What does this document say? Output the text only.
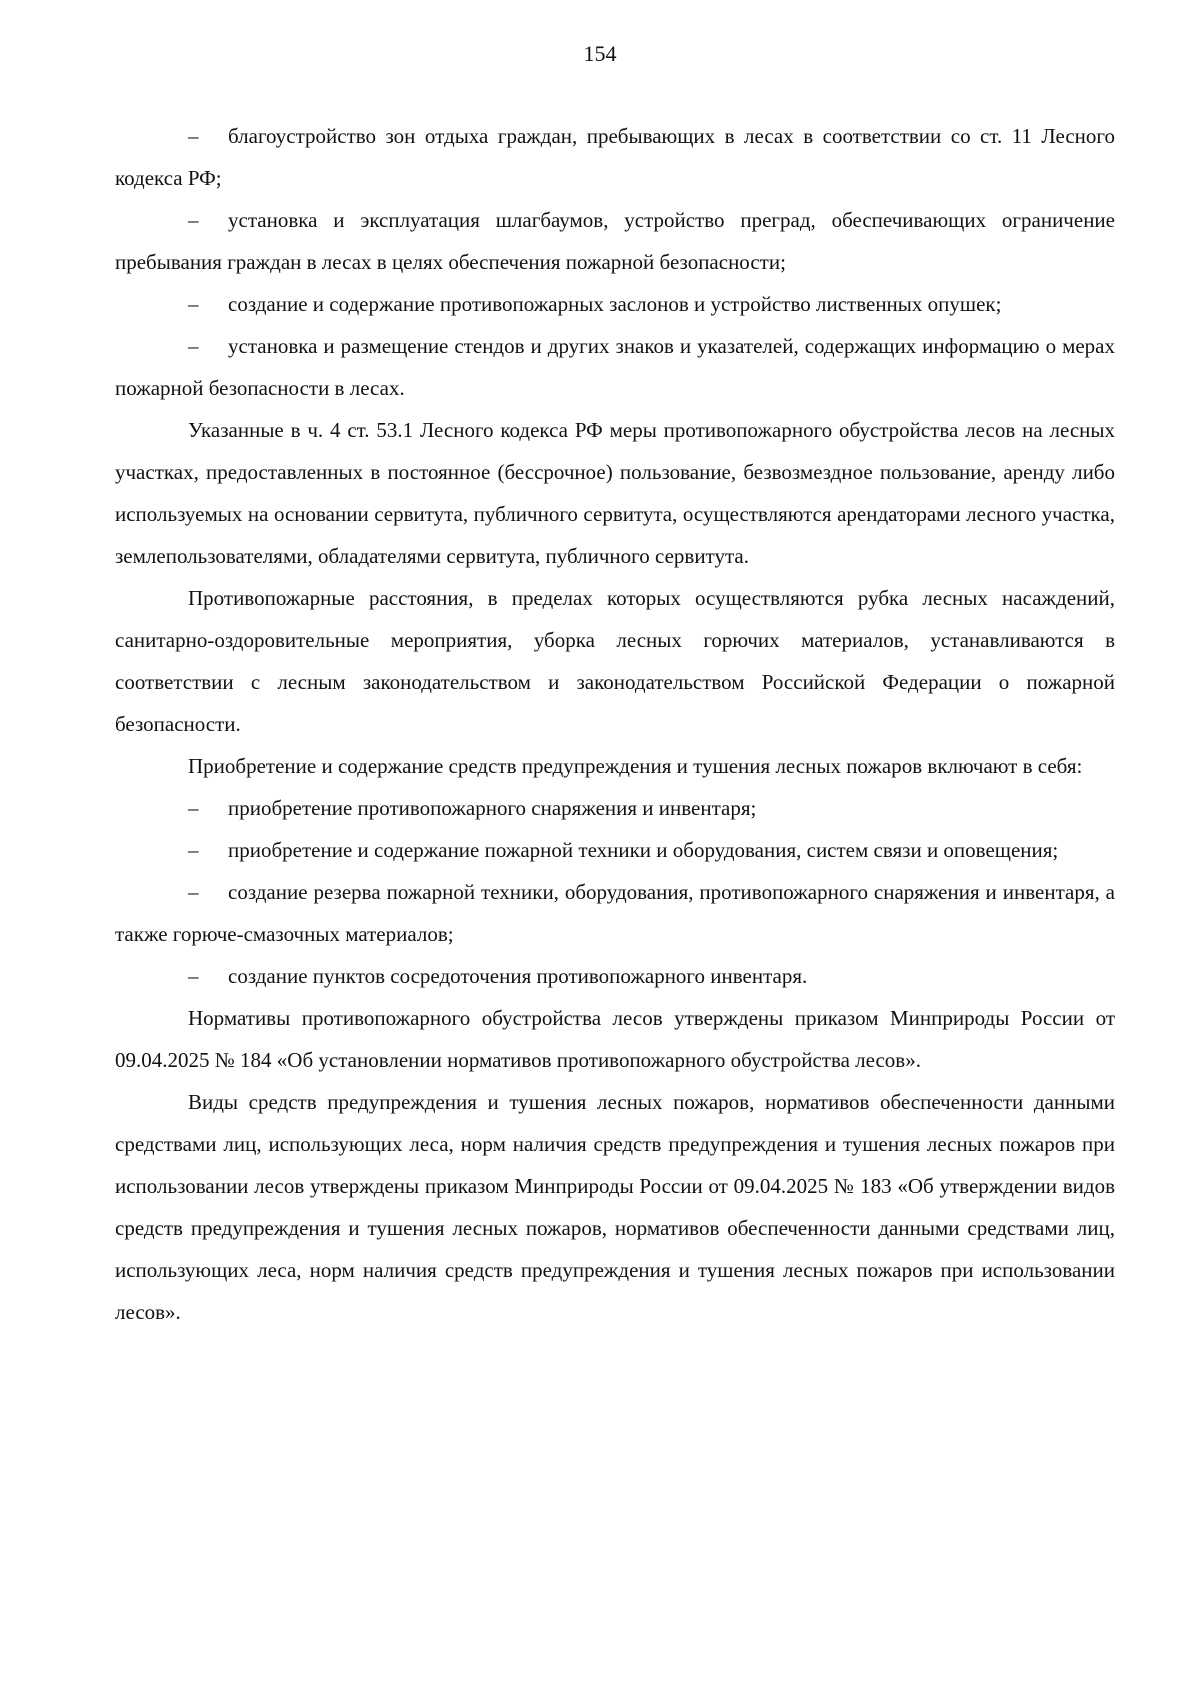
154

– благоустройство зон отдыха граждан, пребывающих в лесах в соответствии со ст. 11 Лесного кодекса РФ;

– установка и эксплуатация шлагбаумов, устройство преград, обеспечивающих ограничение пребывания граждан в лесах в целях обеспечения пожарной безопасности;

– создание и содержание противопожарных заслонов и устройство лиственных опушек;

– установка и размещение стендов и других знаков и указателей, содержащих информацию о мерах пожарной безопасности в лесах.

Указанные в ч. 4 ст. 53.1 Лесного кодекса РФ меры противопожарного обустройства лесов на лесных участках, предоставленных в постоянное (бессрочное) пользование, безвозмездное пользование, аренду либо используемых на основании сервитута, публичного сервитута, осуществляются арендаторами лесного участка, землепользователями, обладателями сервитута, публичного сервитута.

Противопожарные расстояния, в пределах которых осуществляются рубка лесных насаждений, санитарно-оздоровительные мероприятия, уборка лесных горючих материалов, устанавливаются в соответствии с лесным законодательством и законодательством Российской Федерации о пожарной безопасности.

Приобретение и содержание средств предупреждения и тушения лесных пожаров включают в себя:

– приобретение противопожарного снаряжения и инвентаря;

– приобретение и содержание пожарной техники и оборудования, систем связи и оповещения;

– создание резерва пожарной техники, оборудования, противопожарного снаряжения и инвентаря, а также горюче-смазочных материалов;

– создание пунктов сосредоточения противопожарного инвентаря.

Нормативы противопожарного обустройства лесов утверждены приказом Минприроды России от 09.04.2025 № 184 «Об установлении нормативов противопожарного обустройства лесов».

Виды средств предупреждения и тушения лесных пожаров, нормативов обеспеченности данными средствами лиц, использующих леса, норм наличия средств предупреждения и тушения лесных пожаров при использовании лесов утверждены приказом Минприроды России от 09.04.2025 № 183 «Об утверждении видов средств предупреждения и тушения лесных пожаров, нормативов обеспеченности данными средствами лиц, использующих леса, норм наличия средств предупреждения и тушения лесных пожаров при использовании лесов».
